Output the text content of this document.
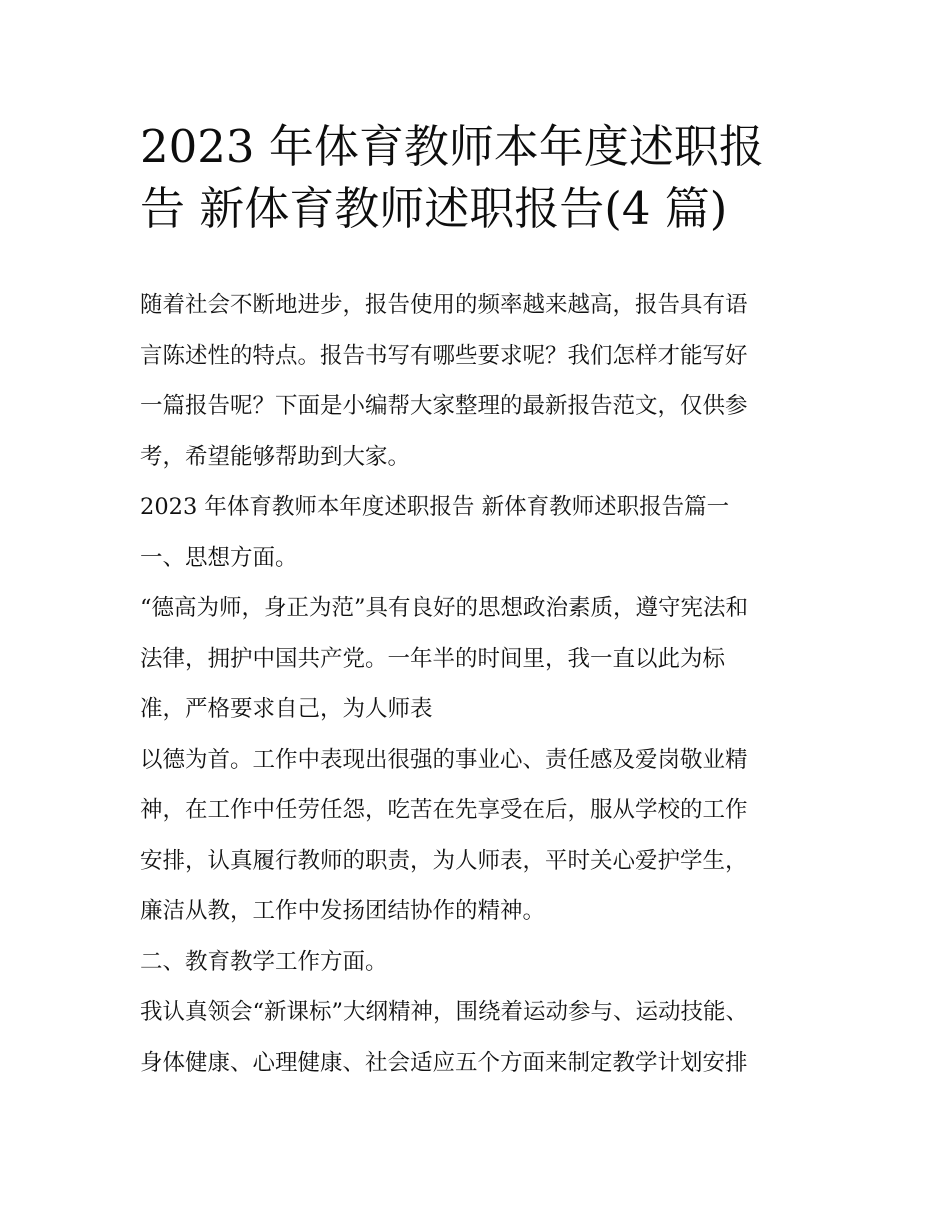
2023 年体育教师本年度述职报
告 新体育教师述职报告(4 篇)
随着社会不断地进步，报告使用的频率越来越高，报告具有语
言陈述性的特点。报告书写有哪些要求呢？我们怎样才能写好
一篇报告呢？下面是小编帮大家整理的最新报告范文，仅供参
考，希望能够帮助到大家。
2023 年体育教师本年度述职报告 新体育教师述职报告篇一
一、思想方面。
“德高为师，身正为范”具有良好的思想政治素质，遵守宪法和
法律，拥护中国共产党。一年半的时间里，我一直以此为标
准，严格要求自己，为人师表
以德为首。工作中表现出很强的事业心、责任感及爱岗敬业精
神，在工作中任劳任怨，吃苦在先享受在后，服从学校的工作
安排，认真履行教师的职责，为人师表，平时关心爱护学生，
廉洁从教，工作中发扬团结协作的精神。
二、教育教学工作方面。
我认真领会“新课标”大纲精神，围绕着运动参与、运动技能、
身体健康、心理健康、社会适应五个方面来制定教学计划安排
